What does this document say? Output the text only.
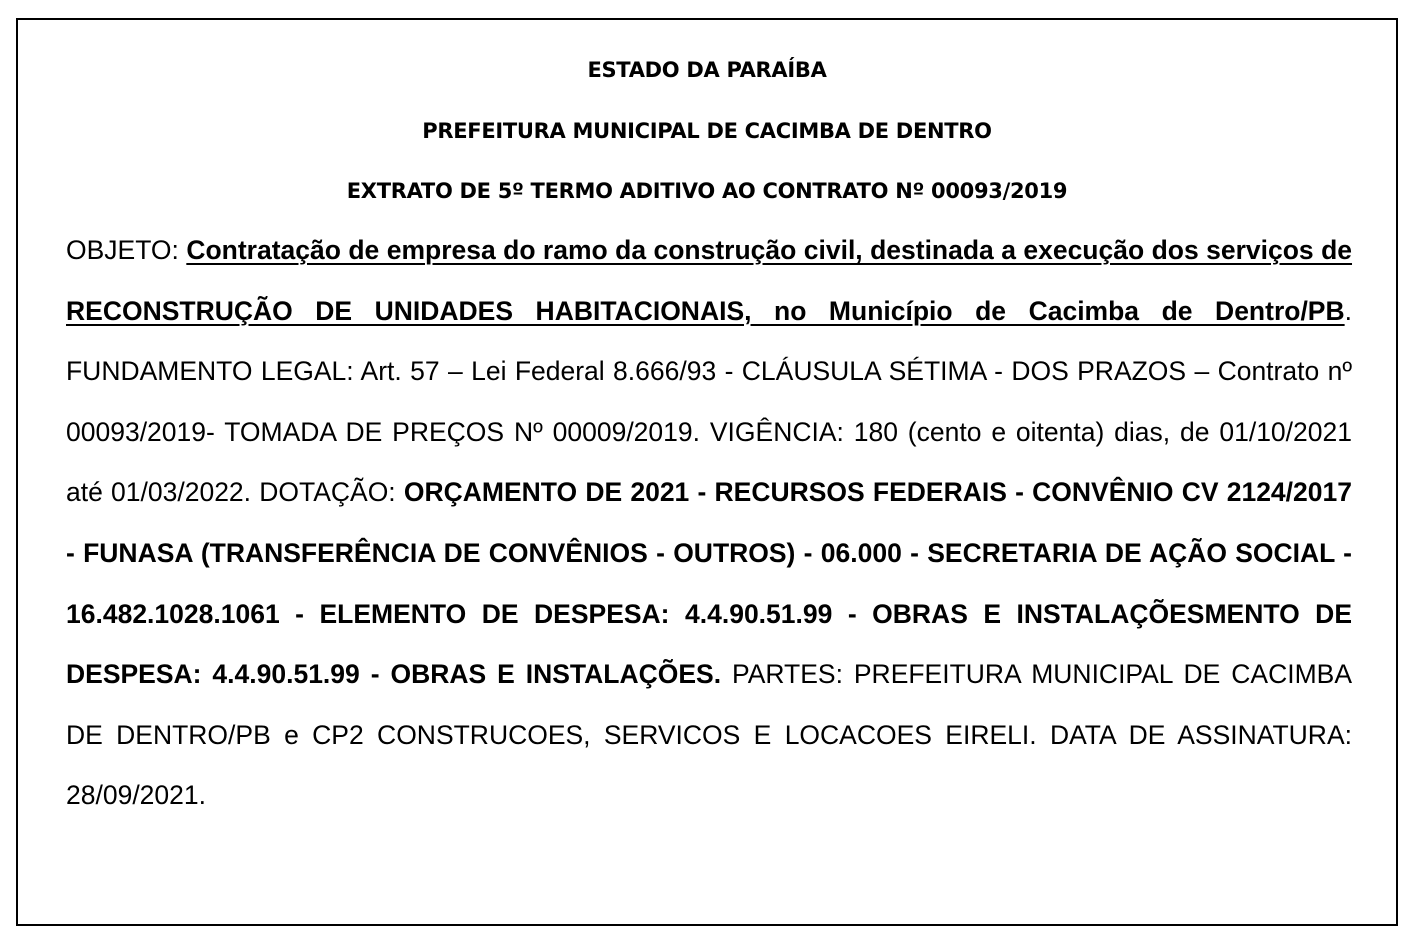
ESTADO DA PARAÍBA
PREFEITURA MUNICIPAL DE CACIMBA DE DENTRO
EXTRATO DE 5º TERMO ADITIVO AO CONTRATO Nº 00093/2019

OBJETO: Contratação de empresa do ramo da construção civil, destinada a execução dos serviços de RECONSTRUÇÃO DE UNIDADES HABITACIONAIS, no Município de Cacimba de Dentro/PB. FUNDAMENTO LEGAL: Art. 57 – Lei Federal 8.666/93 - CLÁUSULA SÉTIMA - DOS PRAZOS – Contrato nº 00093/2019- TOMADA DE PREÇOS Nº 00009/2019. VIGÊNCIA: 180 (cento e oitenta) dias, de 01/10/2021 até 01/03/2022. DOTAÇÃO: ORÇAMENTO DE 2021 - RECURSOS FEDERAIS - CONVÊNIO CV 2124/2017 - FUNASA (TRANSFERÊNCIA DE CONVÊNIOS - OUTROS) - 06.000 - SECRETARIA DE AÇÃO SOCIAL - 16.482.1028.1061 - ELEMENTO DE DESPESA: 4.4.90.51.99 - OBRAS E INSTALAÇÕESMENTO DE DESPESA: 4.4.90.51.99 - OBRAS E INSTALAÇÕES. PARTES: PREFEITURA MUNICIPAL DE CACIMBA DE DENTRO/PB e CP2 CONSTRUCOES, SERVICOS E LOCACOES EIRELI. DATA DE ASSINATURA: 28/09/2021.
